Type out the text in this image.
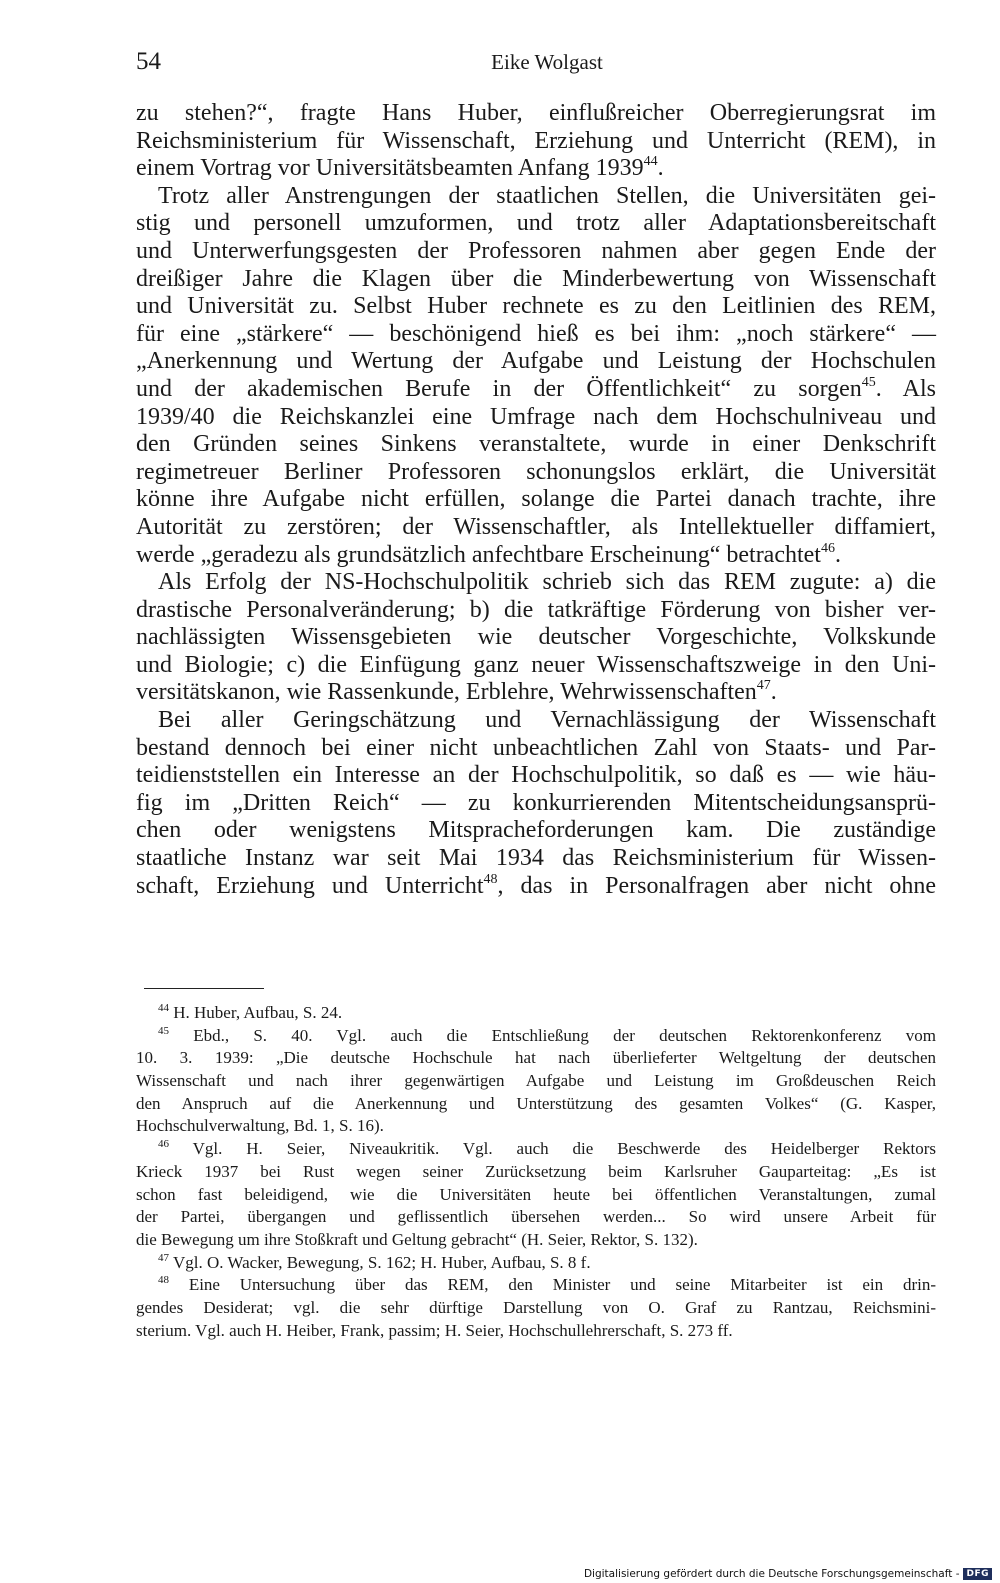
54	Eike Wolgast
zu stehen?“, fragte Hans Huber, einflußreicher Oberregierungsrat im
Reichsministerium für Wissenschaft, Erziehung und Unterricht (REM), in
einem Vortrag vor Universitätsbeamten Anfang 1939$^{44}$.
Trotz aller Anstrengungen der staatlichen Stellen, die Universitäten gei-
stig und personell umzuformen, und trotz aller Adaptationsbereitschaft
und Unterwerfungsgesten der Professoren nahmen aber gegen Ende der
dreißiger Jahre die Klagen über die Minderbewertung von Wissenschaft
und Universität zu. Selbst Huber rechnete es zu den Leitlinien des REM,
für eine „stärkere“ — beschönigend hieß es bei ihm: „noch stärkere“ —
„Anerkennung und Wertung der Aufgabe und Leistung der Hochschulen
und der akademischen Berufe in der Öffentlichkeit“ zu sorgen$^{45}$. Als
1939/40 die Reichskanzlei eine Umfrage nach dem Hochschulniveau und
den Gründen seines Sinkens veranstaltete, wurde in einer Denkschrift
regimetreuer Berliner Professoren schonungslos erklärt, die Universität
könne ihre Aufgabe nicht erfüllen, solange die Partei danach trachte, ihre
Autorität zu zerstören; der Wissenschaftler, als Intellektueller diffamiert,
werde „geradezu als grundsätzlich anfechtbare Erscheinung“ betrachtet$^{46}$.
Als Erfolg der NS-Hochschulpolitik schrieb sich das REM zugute: a) die
drastische Personalveränderung; b) die tatkräftige Förderung von bisher ver-
nachlässigten Wissensgebieten wie deutscher Vorgeschichte, Volkskunde
und Biologie; c) die Einfügung ganz neuer Wissenschaftszweige in den Uni-
versitätskanon, wie Rassenkunde, Erblehre, Wehrwissenschaften$^{47}$.
Bei aller Geringschätzung und Vernachlässigung der Wissenschaft
bestand dennoch bei einer nicht unbeachtlichen Zahl von Staats- und Par-
teidienststellen ein Interesse an der Hochschulpolitik, so daß es — wie häu-
fig im „Dritten Reich“ — zu konkurrierenden Mitentscheidungsansprü-
chen oder wenigstens Mitspracheforderungen kam. Die zuständige
staatliche Instanz war seit Mai 1934 das Reichsministerium für Wissen-
schaft, Erziehung und Unterricht$^{48}$, das in Personalfragen aber nicht ohne
$^{44}$ H. Huber, Aufbau, S. 24.
$^{45}$ Ebd., S. 40. Vgl. auch die Entschließung der deutschen Rektorenkonferenz vom
10. 3. 1939: „Die deutsche Hochschule hat nach überlieferter Weltgeltung der deutschen
Wissenschaft und nach ihrer gegenwärtigen Aufgabe und Leistung im Großdeuschen Reich
den Anspruch auf die Anerkennung und Unterstützung des gesamten Volkes“ (G. Kasper,
Hochschulverwaltung, Bd. 1, S. 16).
$^{46}$ Vgl. H. Seier, Niveaukritik. Vgl. auch die Beschwerde des Heidelberger Rektors
Krieck 1937 bei Rust wegen seiner Zurücksetzung beim Karlsruher Gauparteitag: „Es ist
schon fast beleidigend, wie die Universitäten heute bei öffentlichen Veranstaltungen, zumal
der Partei, übergangen und geflissentlich übersehen werden... So wird unsere Arbeit für
die Bewegung um ihre Stoßkraft und Geltung gebracht“ (H. Seier, Rektor, S. 132).
$^{47}$ Vgl. O. Wacker, Bewegung, S. 162; H. Huber, Aufbau, S. 8 f.
$^{48}$ Eine Untersuchung über das REM, den Minister und seine Mitarbeiter ist ein drin-
gendes Desiderat; vgl. die sehr dürftige Darstellung von O. Graf zu Rantzau, Reichsmini-
sterium. Vgl. auch H. Heiber, Frank, passim; H. Seier, Hochschullehrerschaft, S. 273 ff.
Digitalisierung gefördert durch die Deutsche Forschungsgemeinschaft - DFG
